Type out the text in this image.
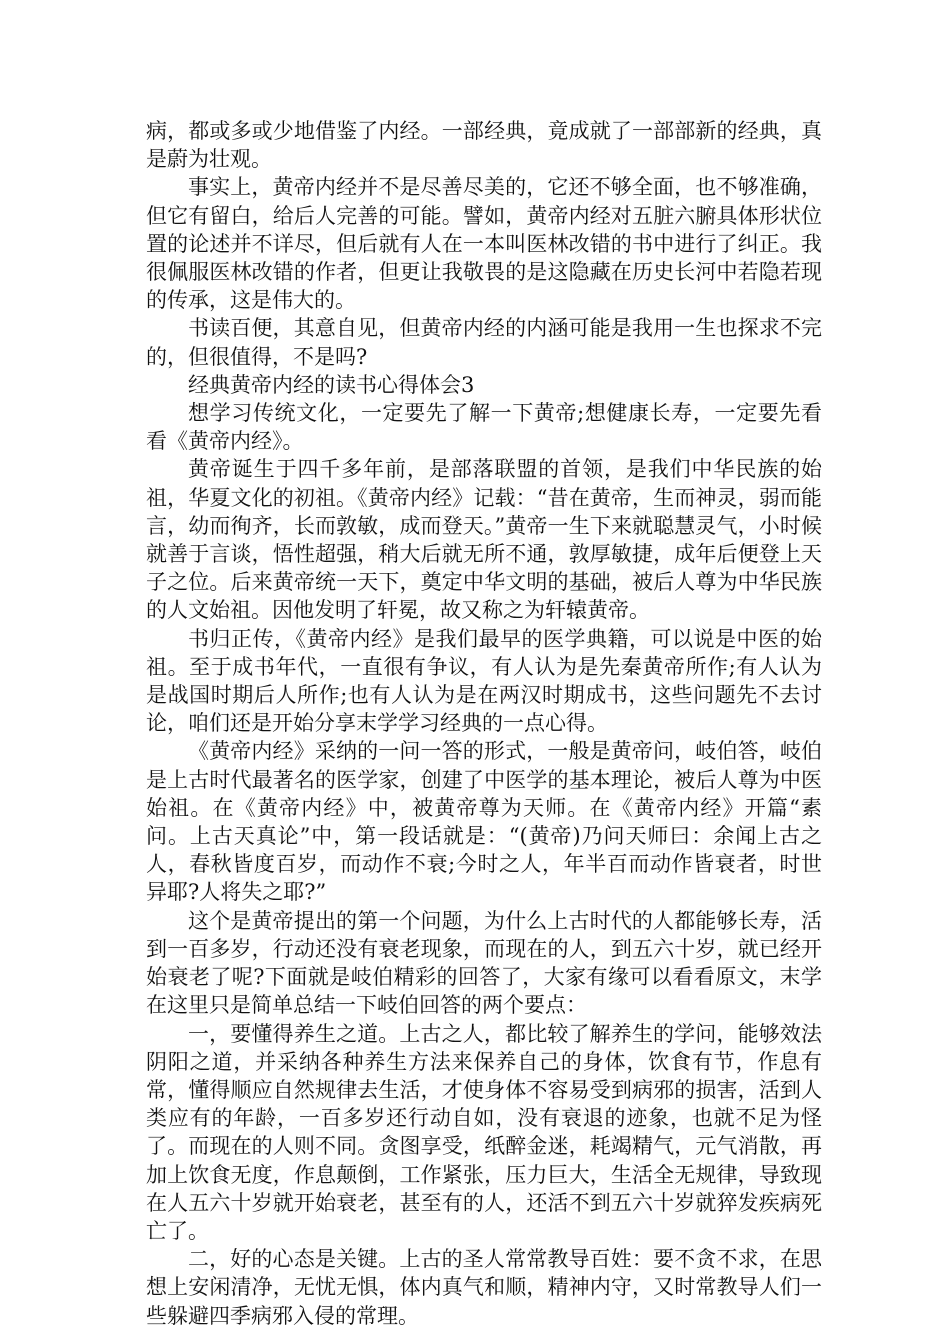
病，都或多或少地借鉴了内经。一部经典，竟成就了一部部新的经典，真是蔚为壮观。

事实上，黄帝内经并不是尽善尽美的，它还不够全面，也不够准确，但它有留白，给后人完善的可能。譬如，黄帝内经对五脏六腑具体形状位置的论述并不详尽，但后就有人在一本叫医林改错的书中进行了纠正。我很佩服医林改错的作者，但更让我敬畏的是这隐藏在历史长河中若隐若现的传承，这是伟大的。

书读百便，其意自见，但黄帝内经的内涵可能是我用一生也探求不完的，但很值得，不是吗?

经典黄帝内经的读书心得体会3

想学习传统文化，一定要先了解一下黄帝;想健康长寿，一定要先看看《黄帝内经》。

黄帝诞生于四千多年前，是部落联盟的首领，是我们中华民族的始祖，华夏文化的初祖。《黄帝内经》记载：“昔在黄帝，生而神灵，弱而能言，幼而徇齐，长而敦敏，成而登天。”黄帝一生下来就聪慧灵气，小时候就善于言谈，悟性超强，稍大后就无所不通，敦厚敏捷，成年后便登上天子之位。后来黄帝统一天下，奠定中华文明的基础，被后人尊为中华民族的人文始祖。因他发明了轩冕，故又称之为轩辕黄帝。

书归正传，《黄帝内经》是我们最早的医学典籍，可以说是中医的始祖。至于成书年代，一直很有争议，有人认为是先秦黄帝所作;有人认为是战国时期后人所作;也有人认为是在两汉时期成书，这些问题先不去讨论，咱们还是开始分享末学学习经典的一点心得。

《黄帝内经》采纳的一问一答的形式，一般是黄帝问，岐伯答，岐伯是上古时代最著名的医学家，创建了中医学的基本理论，被后人尊为中医始祖。在《黄帝内经》中，被黄帝尊为天师。在《黄帝内经》开篇“素问。上古天真论”中，第一段话就是：“(黄帝)乃问天师曰：余闻上古之人，春秋皆度百岁，而动作不衰;今时之人，年半百而动作皆衰者，时世异耶?人将失之耶?”

这个是黄帝提出的第一个问题，为什么上古时代的人都能够长寿，活到一百多岁，行动还没有衰老现象，而现在的人，到五六十岁，就已经开始衰老了呢?下面就是岐伯精彩的回答了，大家有缘可以看看原文，末学在这里只是简单总结一下岐伯回答的两个要点：

一，要懂得养生之道。上古之人，都比较了解养生的学问，能够效法阴阳之道，并采纳各种养生方法来保养自己的身体，饮食有节，作息有常，懂得顺应自然规律去生活，才使身体不容易受到病邪的损害，活到人类应有的年龄，一百多岁还行动自如，没有衰退的迹象，也就不足为怪了。而现在的人则不同。贪图享受，纸醉金迷，耗竭精气，元气消散，再加上饮食无度，作息颠倒，工作紧张，压力巨大，生活全无规律，导致现在人五六十岁就开始衰老，甚至有的人，还活不到五六十岁就猝发疾病死亡了。

二，好的心态是关键。上古的圣人常常教导百姓：要不贪不求，在思想上安闲清净，无忧无惧，体内真气和顺，精神内守，又时常教导人们一些躲避四季病邪入侵的常理。
